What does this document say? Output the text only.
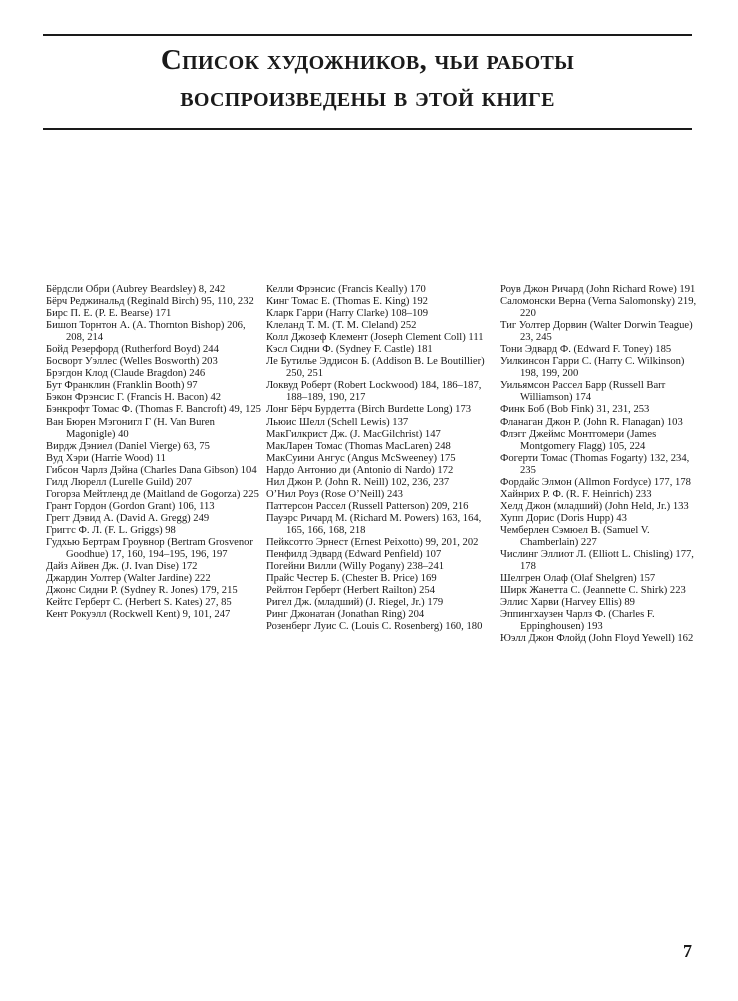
Список художников, чьи работы
воспроизведены в этой книге

Бёрдсли Обри (Aubrey Beardsley) 8, 242

Бёрч Реджинальд (Reginald Birch) 95, 110, 232

Бирс П. Е. (P. E. Bearse) 171

Бишоп Торнтон А. (A. Thornton Bishop) 206, 208, 214

Бойд Резерфорд (Rutherford Boyd) 244

Босворт Уэллес (Welles Bosworth) 203

Брэгдон Клод (Claude Bragdon) 246

Бут Франклин (Franklin Booth) 97

Бэкон Фрэнсис Г. (Francis H. Bacon) 42

Бэнкрофт Томас Ф. (Thomas F. Bancroft) 49, 125

Ван Бюрен Мэгонигл Г (H. Van Buren Magonigle) 40

Вирдж Дэниел (Daniel Vierge) 63, 75

Вуд Хэри (Harrie Wood) 11

Гибсон Чарлз Дэйна (Charles Dana Gibson) 104

Гилд Люрелл (Lurelle Guild) 207

Гогорза Мейтленд де (Maitland de Gogorza) 225

Грант Гордон (Gordon Grant) 106, 113

Грегг Дэвид А. (David A. Gregg) 249

Григгс Ф. Л. (F. L. Griggs) 98

Гудхью Бертрам Гроувнор (Bertram Grosvenor Goodhue) 17, 160, 194–195, 196, 197

Дайз Айвен Дж. (J. Ivan Dise) 172

Джардин Уолтер (Walter Jardine) 222

Джонс Сидни Р. (Sydney R. Jones) 179, 215

Кейтс Герберт С. (Herbert S. Kates) 27, 85

Кент Рокуэлл (Rockwell Kent) 9, 101, 247

Келли Фрэнсис (Francis Keally) 170

Кинг Томас Е. (Thomas E. King) 192

Кларк Гарри (Harry Clarke) 108–109

Клеланд Т. М. (T. M. Cleland) 252

Колл Джозеф Клемент (Joseph Clement Coll) 111

Кэсл Сидни Ф. (Sydney F. Castle) 181

Ле Бутилье Эддисон Б. (Addison B. Le Boutillier) 250, 251

Локвуд Роберт (Robert Lockwood) 184, 186–187, 188–189, 190, 217

Лонг Бёрч Бурдетта (Birch Burdette Long) 173

Льюис Шелл (Schell Lewis) 137

МакГилкрист Дж. (J. MacGilchrist) 147

МакЛарен Томас (Thomas MacLaren) 248

МакСуини Ангус (Angus McSweeney) 175

Нардо Антонио ди (Antonio di Nardo) 172

Нил Джон Р. (John R. Neill) 102, 236, 237

О’Нил Роуз (Rose O’Neill) 243

Паттерсон Рассел (Russell Patterson) 209, 216

Пауэрс Ричард М. (Richard M. Powers) 163, 164, 165, 166, 168, 218

Пейксотто Эрнест (Ernest Peixotto) 99, 201, 202

Пенфилд Эдвард (Edward Penfield) 107

Погейни Вилли (Willy Pogany) 238–241

Прайс Честер Б. (Chester B. Price) 169

Рейлтон Герберт (Herbert Railton) 254

Ригел Дж. (младший) (J. Riegel, Jr.) 179

Ринг Джонатан (Jonathan Ring) 204

Розенберг Луис С. (Louis C. Rosenberg) 160, 180

Роув Джон Ричард (John Richard Rowe) 191

Саломонски Верна (Verna Salomonsky) 219, 220

Тиг Уолтер Дорвин (Walter Dorwin Teague) 23, 245

Тони Эдвард Ф. (Edward F. Toney) 185

Уилкинсон Гарри С. (Harry C. Wilkinson) 198, 199, 200

Уильямсон Рассел Барр (Russell Barr Williamson) 174

Финк Боб (Bob Fink) 31, 231, 253

Фланаган Джон Р. (John R. Flanagan) 103

Флэгг Джеймс Монтгомери (James Montgomery Flagg) 105, 224

Фогерти Томас (Thomas Fogarty) 132, 234, 235

Фордайс Элмон (Allmon Fordyce) 177, 178

Хайнрих Р. Ф. (R. F. Heinrich) 233

Хелд Джон (младший) (John Held, Jr.) 133

Хупп Дорис (Doris Hupp) 43

Чемберлен Сэмюел В. (Samuel V. Chamberlain) 227

Числинг Эллиот Л. (Elliott L. Chisling) 177, 178

Шелгрен Олаф (Olaf Shelgren) 157

Ширк Жанетта С. (Jeannette C. Shirk) 223

Эллис Харви (Harvey Ellis) 89

Эппингхаузен Чарлз Ф. (Charles F. Eppinghousen) 193

Юэлл Джон Флойд (John Floyd Yewell) 162

7
